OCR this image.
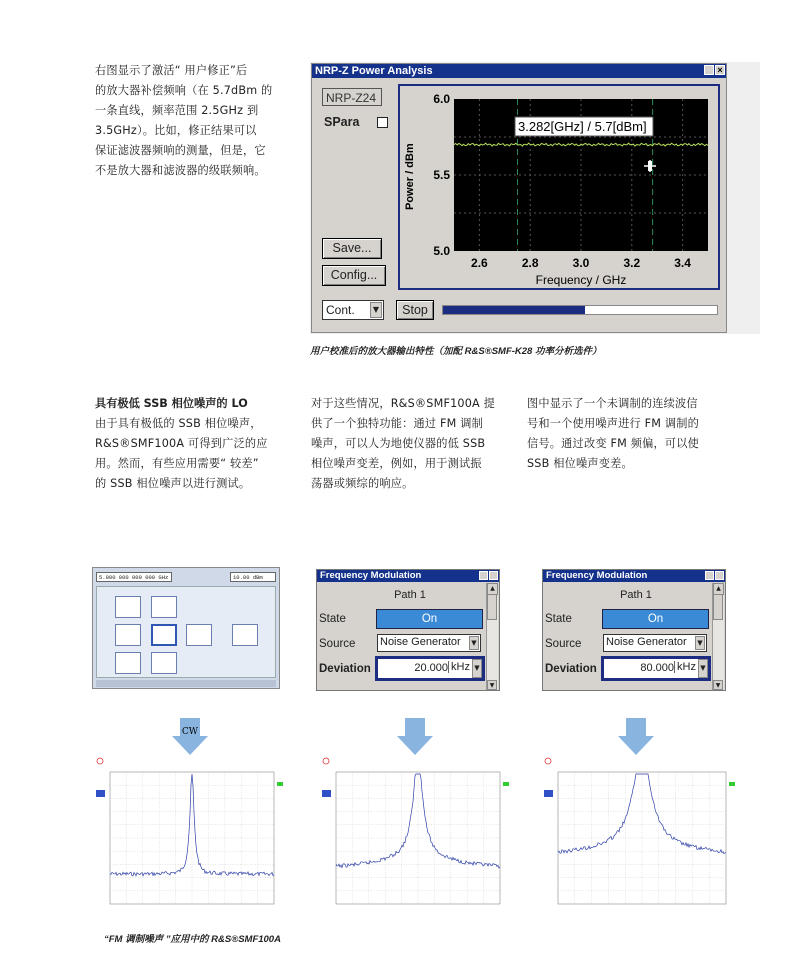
右图显示了激活“ 用户修正”后
的放大器补偿频响（在 5.7dBm 的
一条直线，频率范围 2.5GHz 到
3.5GHz）。比如，修正结果可以
保证滤波器频响的测量，但是，它
不是放大器和滤波器的级联频响。
NRP-Z Power Analysis	×
NRP-Z24
SPara
Save...
Config...
6.0
5.5
5.0
2.6	2.8	3.0	3.2	3.4
Power / dBm
Frequency / GHz
3.282[GHz] / 5.7[dBm]
Cont.	▼	Stop
用户校准后的放大器输出特性（加配 R&S®SMF-K28 功率分析选件）
具有极低 SSB 相位噪声的 LO
由于具有极低的 SSB 相位噪声，
R&S®SMF100A 可得到广泛的应
用。然而，有些应用需要“ 较差”
的 SSB 相位噪声以进行测试。
对于这些情况，R&S®SMF100A 提
供了一个独特功能：通过 FM 调制
噪声，可以人为地使仪器的低 SSB
相位噪声变差，例如，用于测试振
荡器或频综的响应。
图中显示了一个未调制的连续波信
号和一个使用噪声进行 FM 调制的
信号。通过改变 FM 频偏，可以使
SSB 相位噪声变差。
5.000 000 000 000 GHz	10.00 dBm	Frequency Modulation
Path 1
State	On
Source Noise Generator	▼
Deviation	20.000 kHz ▼
▲
▼
Frequency Modulation
Path 1
State	On
Source Noise Generator	▼
Deviation	80.000 kHz ▼
▲
▼
CW
“FM 调制噪声 ”应用中的 R&S®SMF100A
